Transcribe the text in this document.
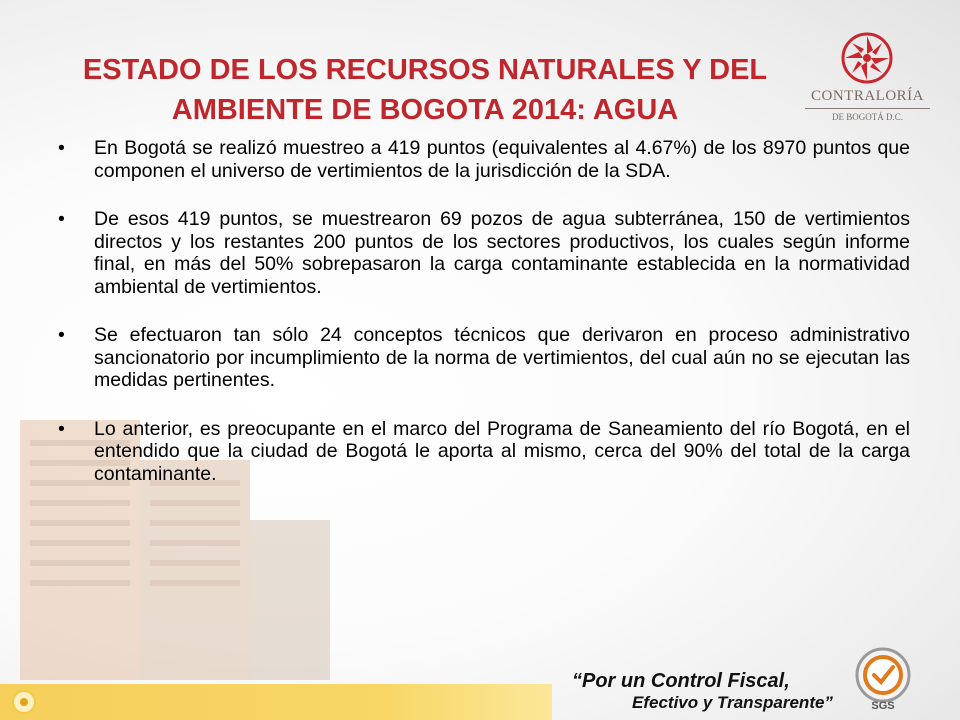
ESTADO DE LOS RECURSOS NATURALES Y DEL
AMBIENTE DE BOGOTA 2014: AGUA	CONTRALORÍA
DE BOGOTÁ D.C.

• En Bogotá se realizó muestreo a 419 puntos (equivalentes al 4.67%) de los 8970 puntos que componen el universo de vertimientos de la jurisdicción de la SDA.

• De esos 419 puntos, se muestrearon 69 pozos de agua subterránea, 150 de vertimientos directos y los restantes 200 puntos de los sectores productivos, los cuales según informe final, en más del 50% sobrepasaron la carga contaminante establecida en la normatividad ambiental de vertimientos.

• Se efectuaron tan sólo 24 conceptos técnicos que derivaron en proceso administrativo sancionatorio por incumplimiento de la norma de vertimientos, del cual aún no se ejecutan las medidas pertinentes.

• Lo anterior, es preocupante en el marco del Programa de Saneamiento del río Bogotá, en el entendido que la ciudad de Bogotá le aporta al mismo, cerca del 90% del total de la carga contaminante.

“Por un Control Fiscal,
Efectivo y Transparente”	SGS
